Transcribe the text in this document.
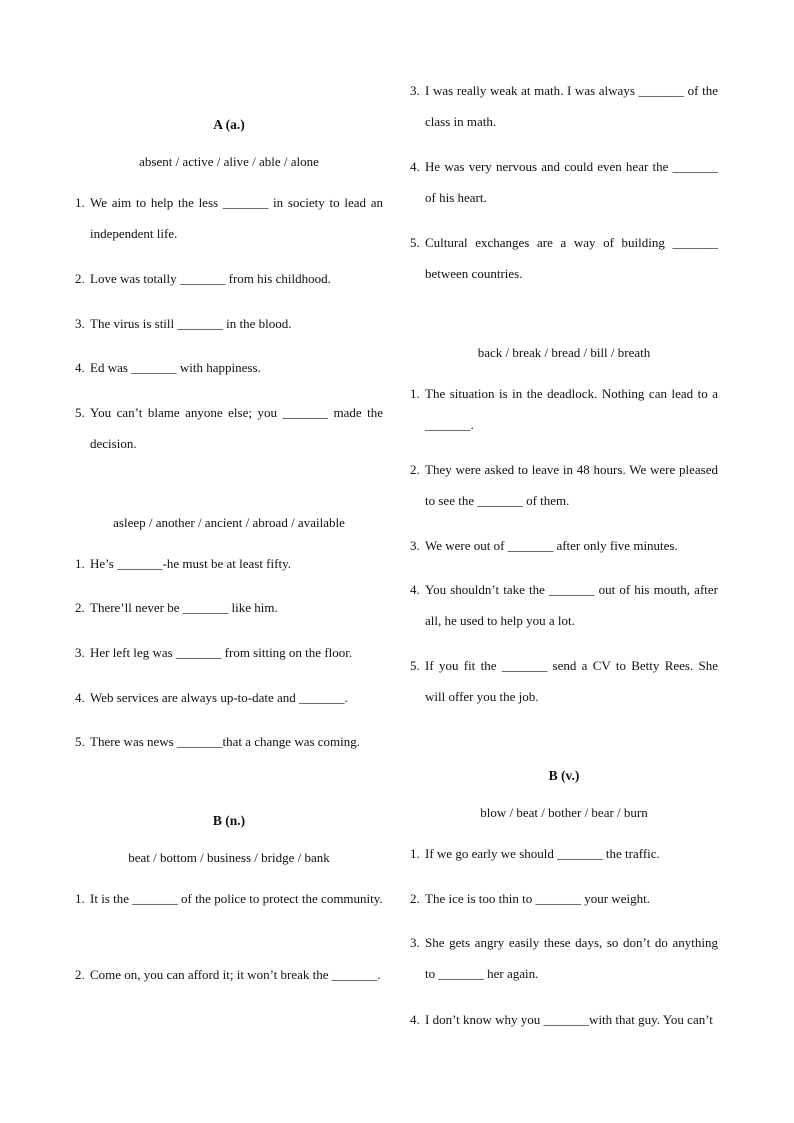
A (a.)
absent / active / alive / able / alone
1. We aim to help the less _______ in society to lead an independent life.
2. Love was totally _______ from his childhood.
3. The virus is still _______ in the blood.
4. Ed was _______ with happiness.
5. You can’t blame anyone else; you _______ made the decision.
asleep / another / ancient / abroad / available
1. He’s _______-he must be at least fifty.
2. There’ll never be _______ like him.
3. Her left leg was _______ from sitting on the floor.
4. Web services are always up-to-date and _______.
5. There was news _______that a change was coming.
B (n.)
beat / bottom / business / bridge / bank
1. It is the _______ of the police to protect the community.
2. Come on, you can afford it; it won’t break the _______.
3. I was really weak at math. I was always _______ of the class in math.
4. He was very nervous and could even hear the _______ of his heart.
5. Cultural exchanges are a way of building _______ between countries.
back / break / bread / bill / breath
1. The situation is in the deadlock. Nothing can lead to a _______.
2. They were asked to leave in 48 hours. We were pleased to see the _______ of them.
3. We were out of _______ after only five minutes.
4. You shouldn’t take the _______ out of his mouth, after all, he used to help you a lot.
5. If you fit the _______ send a CV to Betty Rees. She will offer you the job.
B (v.)
blow / beat / bother / bear / burn
1. If we go early we should _______ the traffic.
2. The ice is too thin to _______ your weight.
3. She gets angry easily these days, so don’t do anything to _______ her again.
4. I don’t know why you _______with that guy. You can’t
